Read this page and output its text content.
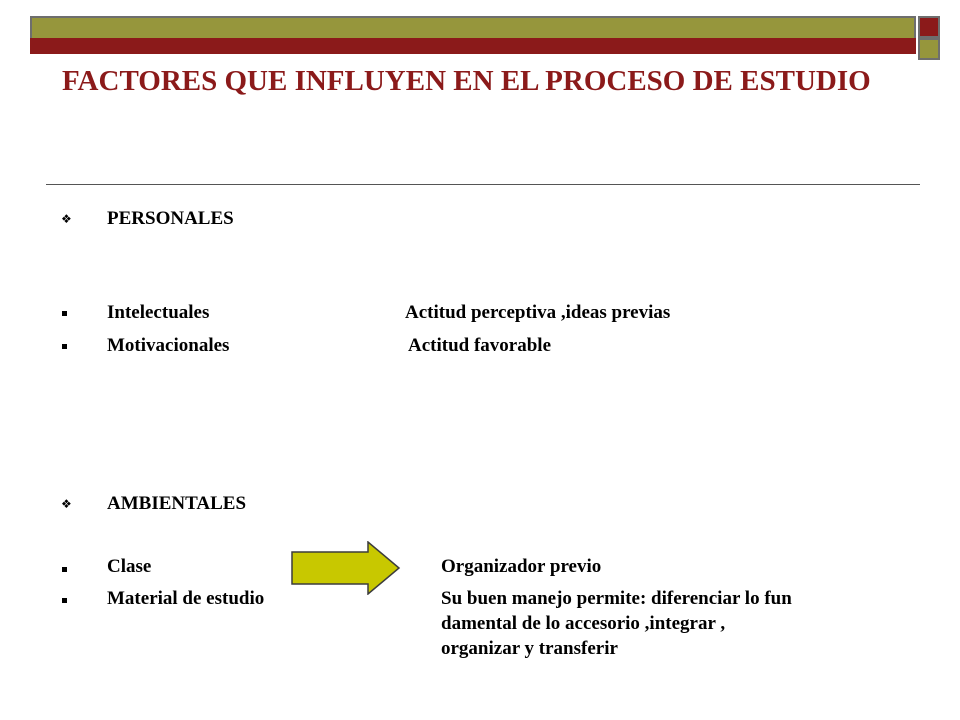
FACTORES QUE INFLUYEN EN EL PROCESO DE ESTUDIO
❖ PERSONALES
Intelectuales	Actitud perceptiva ,ideas previas
Motivacionales	Actitud favorable
❖ AMBIENTALES
Clase	Organizador previo
Material de estudio	Su buen manejo permite: diferenciar lo fun
damental de lo accesorio ,integrar ,
organizar y transferir
